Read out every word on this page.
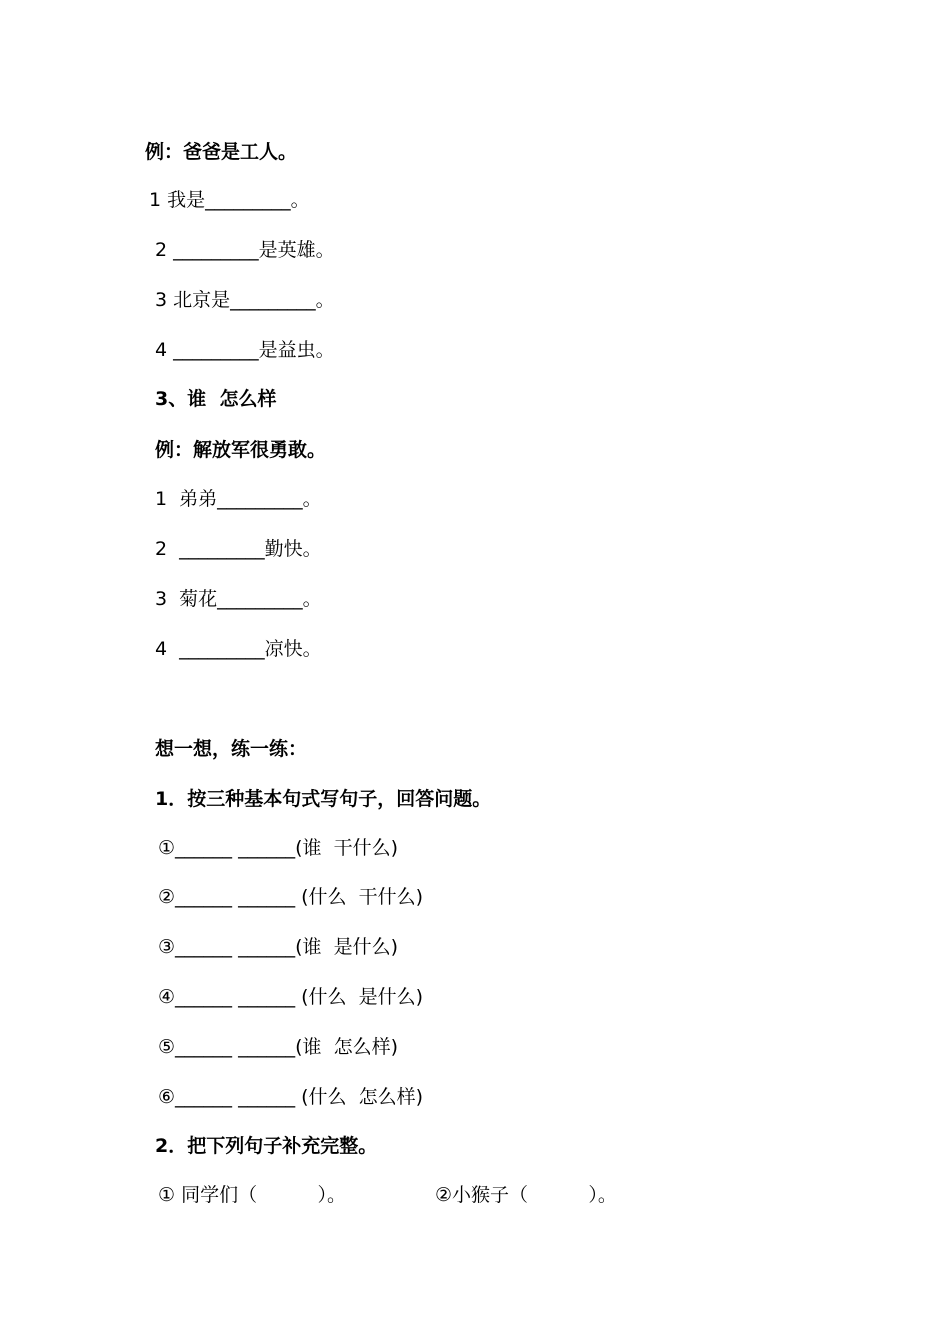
例：爸爸是工人。
1 我是_________。
2 _________是英雄。
3 北京是_________。
4 _________是益虫。
3、谁  怎么样
例：解放军很勇敢。
1  弟弟_________。
2  _________勤快。
3  菊花_________。
4  _________凉快。
想一想，练一练：
1．按三种基本句式写句子，回答问题。
①______ ______(谁  干什么)
②______ ______ (什么  干什么)
③______ ______(谁  是什么)
④______ ______ (什么  是什么)
⑤______ ______(谁  怎么样)
⑥______ ______ (什么  怎么样)
2．把下列句子补充完整。
① 同学们（          ）。	②小猴子（          ）。
